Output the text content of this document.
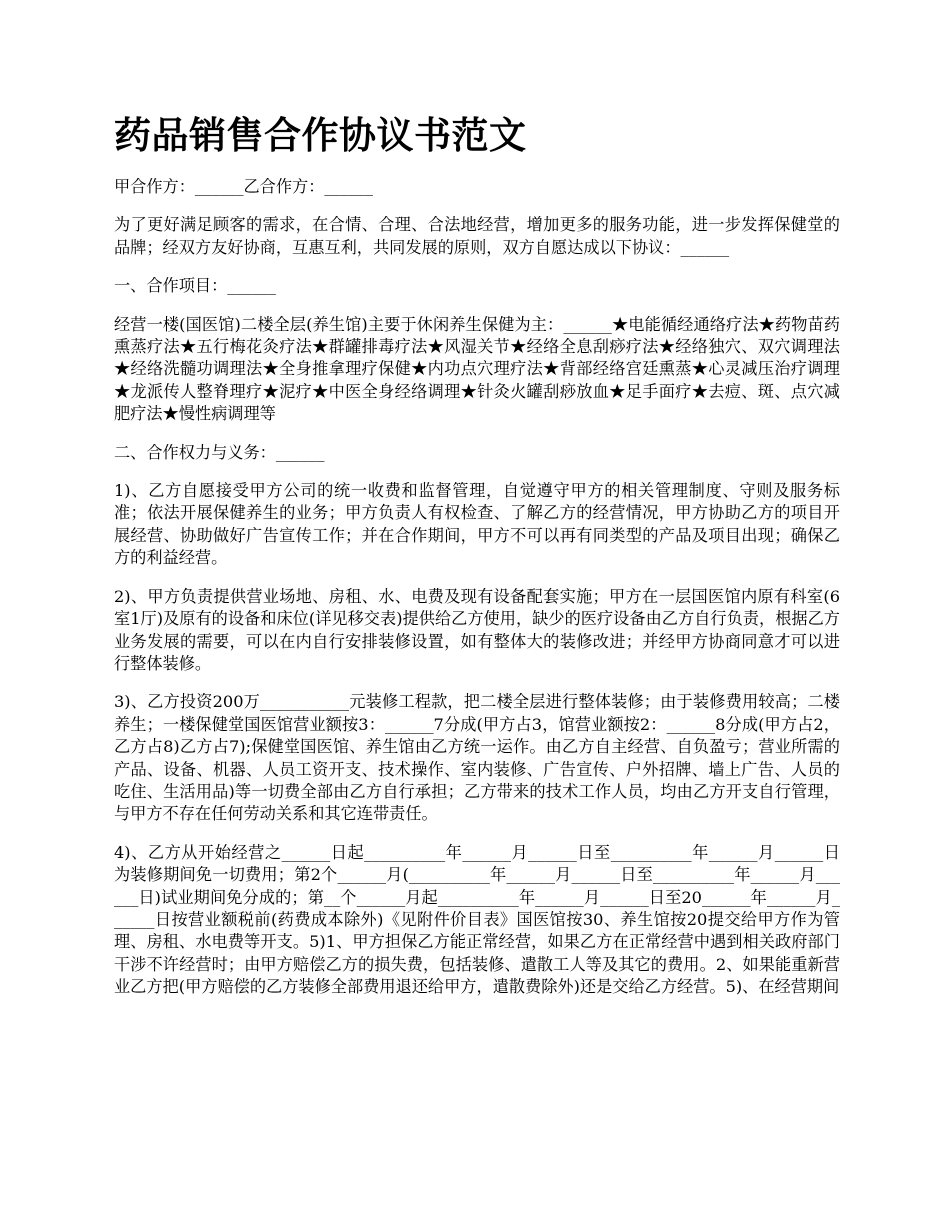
药品销售合作协议书范文

甲合作方：______乙合作方：______

为了更好满足顾客的需求，在合情、合理、合法地经营，增加更多的服务功能，进一步发挥保健堂的品牌；经双方友好协商，互惠互利，共同发展的原则，双方自愿达成以下协议：______

一、合作项目：______

经营一楼(国医馆)二楼全层(养生馆)主要于休闲养生保健为主：______★电能循经通络疗法★药物苗药熏蒸疗法★五行梅花灸疗法★群罐排毒疗法★风湿关节★经络全息刮痧疗法★经络独穴、双穴调理法★经络洗髓功调理法★全身推拿理疗保健★内功点穴理疗法★背部经络宫廷熏蒸★心灵减压治疗调理★龙派传人整脊理疗★泥疗★中医全身经络调理★针灸火罐刮痧放血★足手面疗★去痘、斑、点穴减肥疗法★慢性病调理等

二、合作权力与义务：______

1)、乙方自愿接受甲方公司的统一收费和监督管理，自觉遵守甲方的相关管理制度、守则及服务标准；依法开展保健养生的业务；甲方负责人有权检查、了解乙方的经营情况，甲方协助乙方的项目开展经营、协助做好广告宣传工作；并在合作期间，甲方不可以再有同类型的产品及项目出现；确保乙方的利益经营。

2)、甲方负责提供营业场地、房租、水、电费及现有设备配套实施；甲方在一层国医馆内原有科室(6室1厅)及原有的设备和床位(详见移交表)提供给乙方使用，缺少的医疗设备由乙方自行负责，根据乙方业务发展的需要，可以在内自行安排装修设置，如有整体大的装修改进；并经甲方协商同意才可以进行整体装修。

3)、乙方投资200万___________元装修工程款，把二楼全层进行整体装修；由于装修费用较高；二楼养生；一楼保健堂国医馆营业额按3：______7分成(甲方占3，馆营业额按2：______8分成(甲方占2，乙方占8)乙方占7);保健堂国医馆、养生馆由乙方统一运作。由乙方自主经营、自负盈亏；营业所需的产品、设备、机器、人员工资开支、技术操作、室内装修、广告宣传、户外招牌、墙上广告、人员的吃住、生活用品)等一切费全部由乙方自行承担；乙方带来的技术工作人员，均由乙方开支自行管理，与甲方不存在任何劳动关系和其它连带责任。

4)、乙方从开始经营之______日起__________年______月______日至__________年______月______日为装修期间免一切费用；第2个______月(__________年______月______日至__________年______月______日)试业期间免分成的；第__个______月起__________年______月______日至20______年______月______日按营业额税前(药费成本除外)《见附件价目表》国医馆按30、养生馆按20提交给甲方作为管理、房租、水电费等开支。5)1、甲方担保乙方能正常经营，如果乙方在正常经营中遇到相关政府部门干涉不许经营时；由甲方赔偿乙方的损失费，包括装修、遣散工人等及其它的费用。2、如果能重新营业乙方把(甲方赔偿的乙方装修全部费用退还给甲方，遣散费除外)还是交给乙方经营。5)、在经营期间
